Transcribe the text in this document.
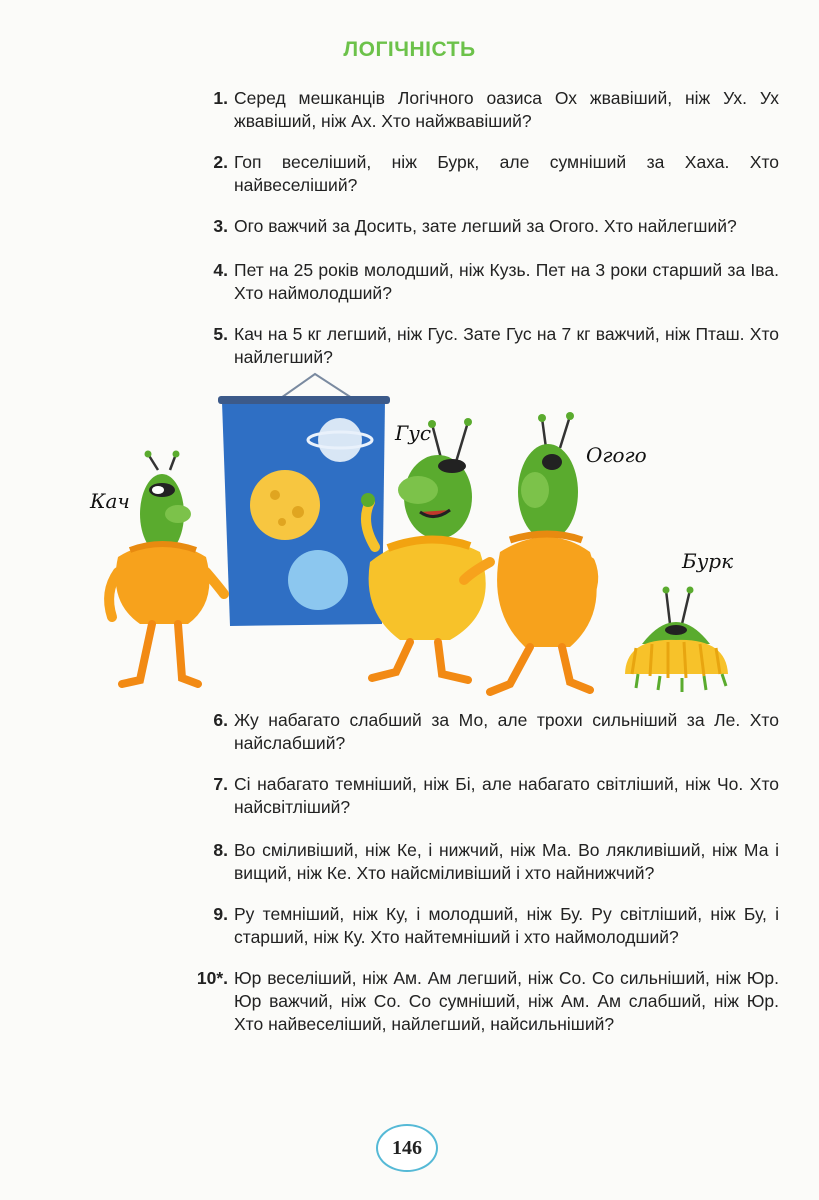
ЛОГІЧНІСТЬ
1. Серед мешканців Логічного оазиса Ох жвавіший, ніж Ух. Ух жвавіший, ніж Ах. Хто найжвавіший?
2. Гоп веселіший, ніж Бурк, але сумніший за Хаха. Хто найвеселіший?
3. Ого важчий за Досить, зате легший за Огого. Хто найлегший?
4. Пет на 25 років молодший, ніж Кузь. Пет на 3 роки старший за Іва. Хто наймолодший?
5. Кач на 5 кг легший, ніж Гус. Зате Гус на 7 кг важчий, ніж Пташ. Хто найлегший?
Кач
Гус
Огого
Бурк
6. Жу набагато слабший за Мо, але трохи сильніший за Ле. Хто найслабший?
7. Сі набагато темніший, ніж Бі, але набагато світліший, ніж Чо. Хто найсвітліший?
8. Во сміливіший, ніж Ке, і нижчий, ніж Ма. Во лякливіший, ніж Ма і вищий, ніж Ке. Хто найсміливіший і хто найнижчий?
9. Ру темніший, ніж Ку, і молодший, ніж Бу. Ру світліший, ніж Бу, і старший, ніж Ку. Хто найтемніший і хто наймолодший?
10*. Юр веселіший, ніж Ам. Ам легший, ніж Со. Со сильніший, ніж Юр. Юр важчий, ніж Со. Со сумніший, ніж Ам. Ам слабший, ніж Юр. Хто найвеселіший, найлегший, найсильніший?
146
